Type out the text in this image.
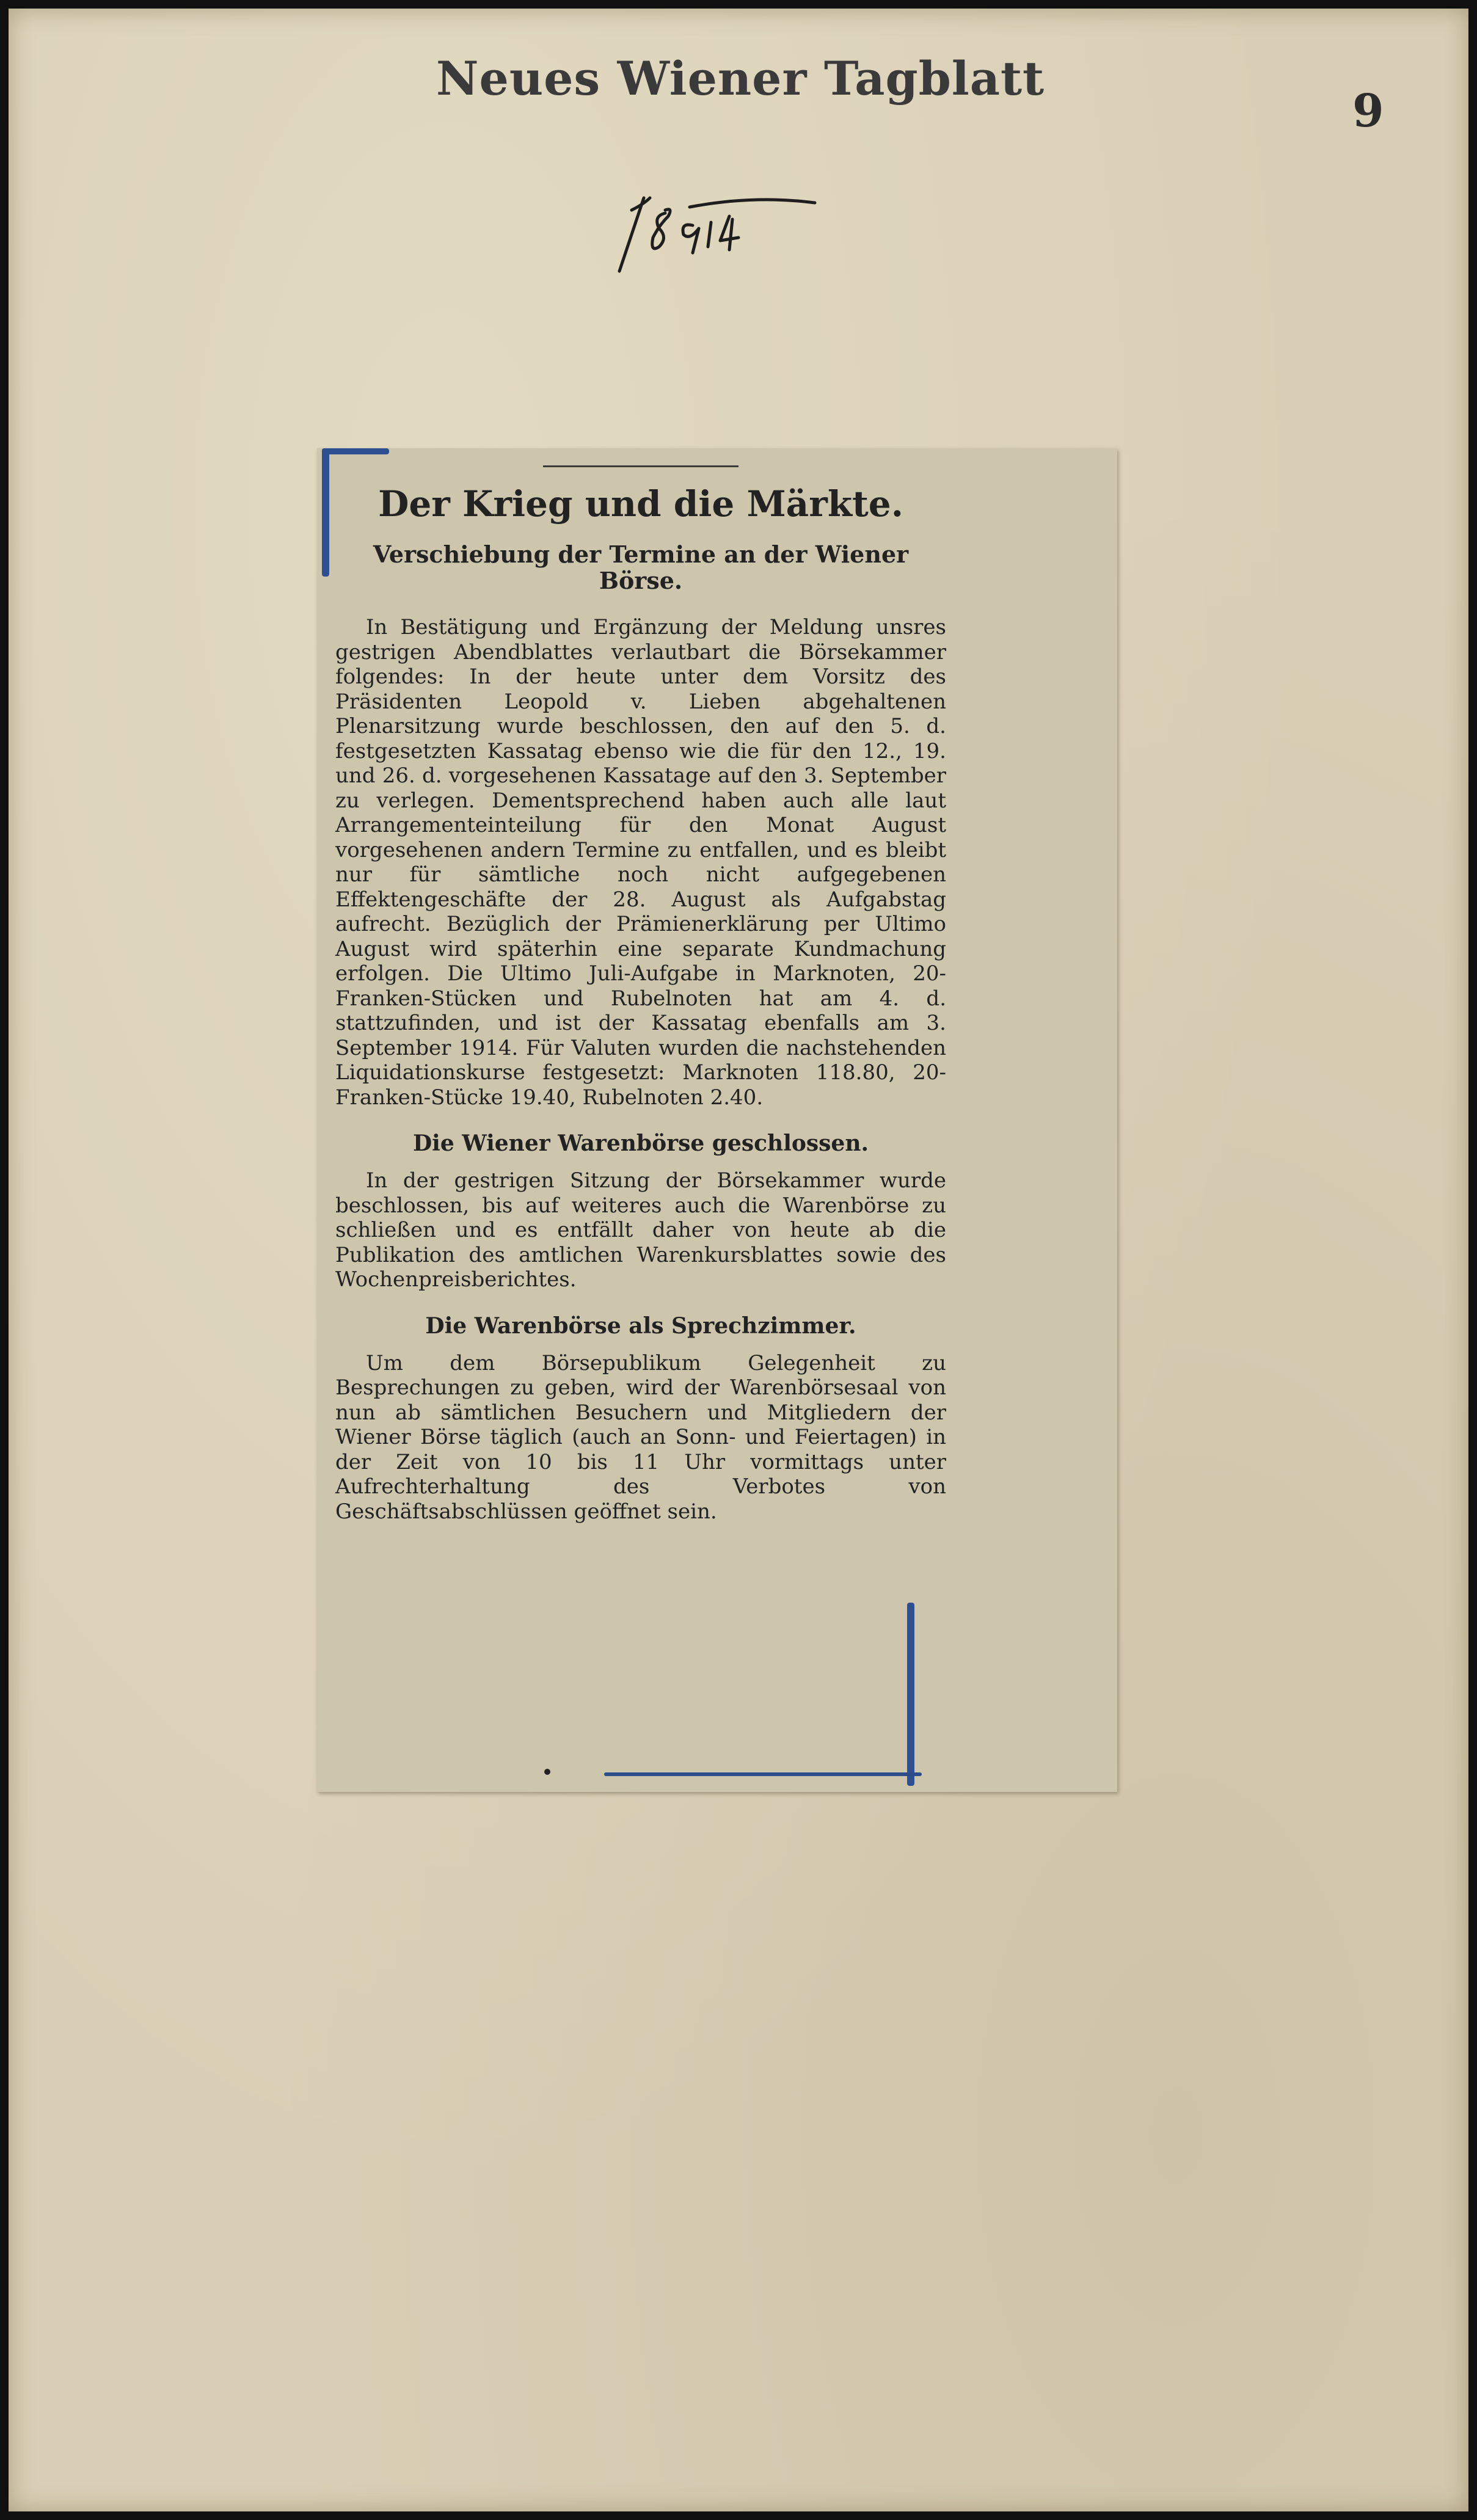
Neues Wiener Tagblatt
9
Der Krieg und die Märkte.
Verschiebung der Termine an der Wiener Börse.

In Bestätigung und Ergänzung der Meldung unsres gestrigen Abendblattes verlautbart die Börsekammer folgendes: In der heute unter dem Vorsitz des Präsidenten Leopold v. Lieben abgehaltenen Plenarsitzung wurde beschlossen, den auf den 5. d. festgesetzten Kassatag ebenso wie die für den 12., 19. und 26. d. vorgesehenen Kassatage auf den 3. September zu verlegen. Dementsprechend haben auch alle laut Arrangementeinteilung für den Monat August vorgesehenen andern Termine zu entfallen, und es bleibt nur für sämtliche noch nicht aufgegebenen Effektengeschäfte der 28. August als Aufgabstag aufrecht. Bezüglich der Prämienerklärung per Ultimo August wird späterhin eine separate Kundmachung erfolgen. Die Ultimo Juli-Aufgabe in Marknoten, 20-Franken-Stücken und Rubelnoten hat am 4. d. stattzufinden, und ist der Kassatag ebenfalls am 3. September 1914. Für Valuten wurden die nachstehenden Liquidationskurse festgesetzt: Marknoten 118.80, 20-Franken-Stücke 19.40, Rubelnoten 2.40.

Die Wiener Warenbörse geschlossen.

In der gestrigen Sitzung der Börsekammer wurde beschlossen, bis auf weiteres auch die Warenbörse zu schließen und es entfällt daher von heute ab die Publikation des amtlichen Warenkursblattes sowie des Wochenpreisberichtes.

Die Warenbörse als Sprechzimmer.

Um dem Börsepublikum Gelegenheit zu Besprechungen zu geben, wird der Warenbörsesaal von nun ab sämtlichen Besuchern und Mitgliedern der Wiener Börse täglich (auch an Sonn- und Feiertagen) in der Zeit von 10 bis 11 Uhr vormittags unter Aufrechterhaltung des Verbotes von Geschäftsabschlüssen geöffnet sein.
